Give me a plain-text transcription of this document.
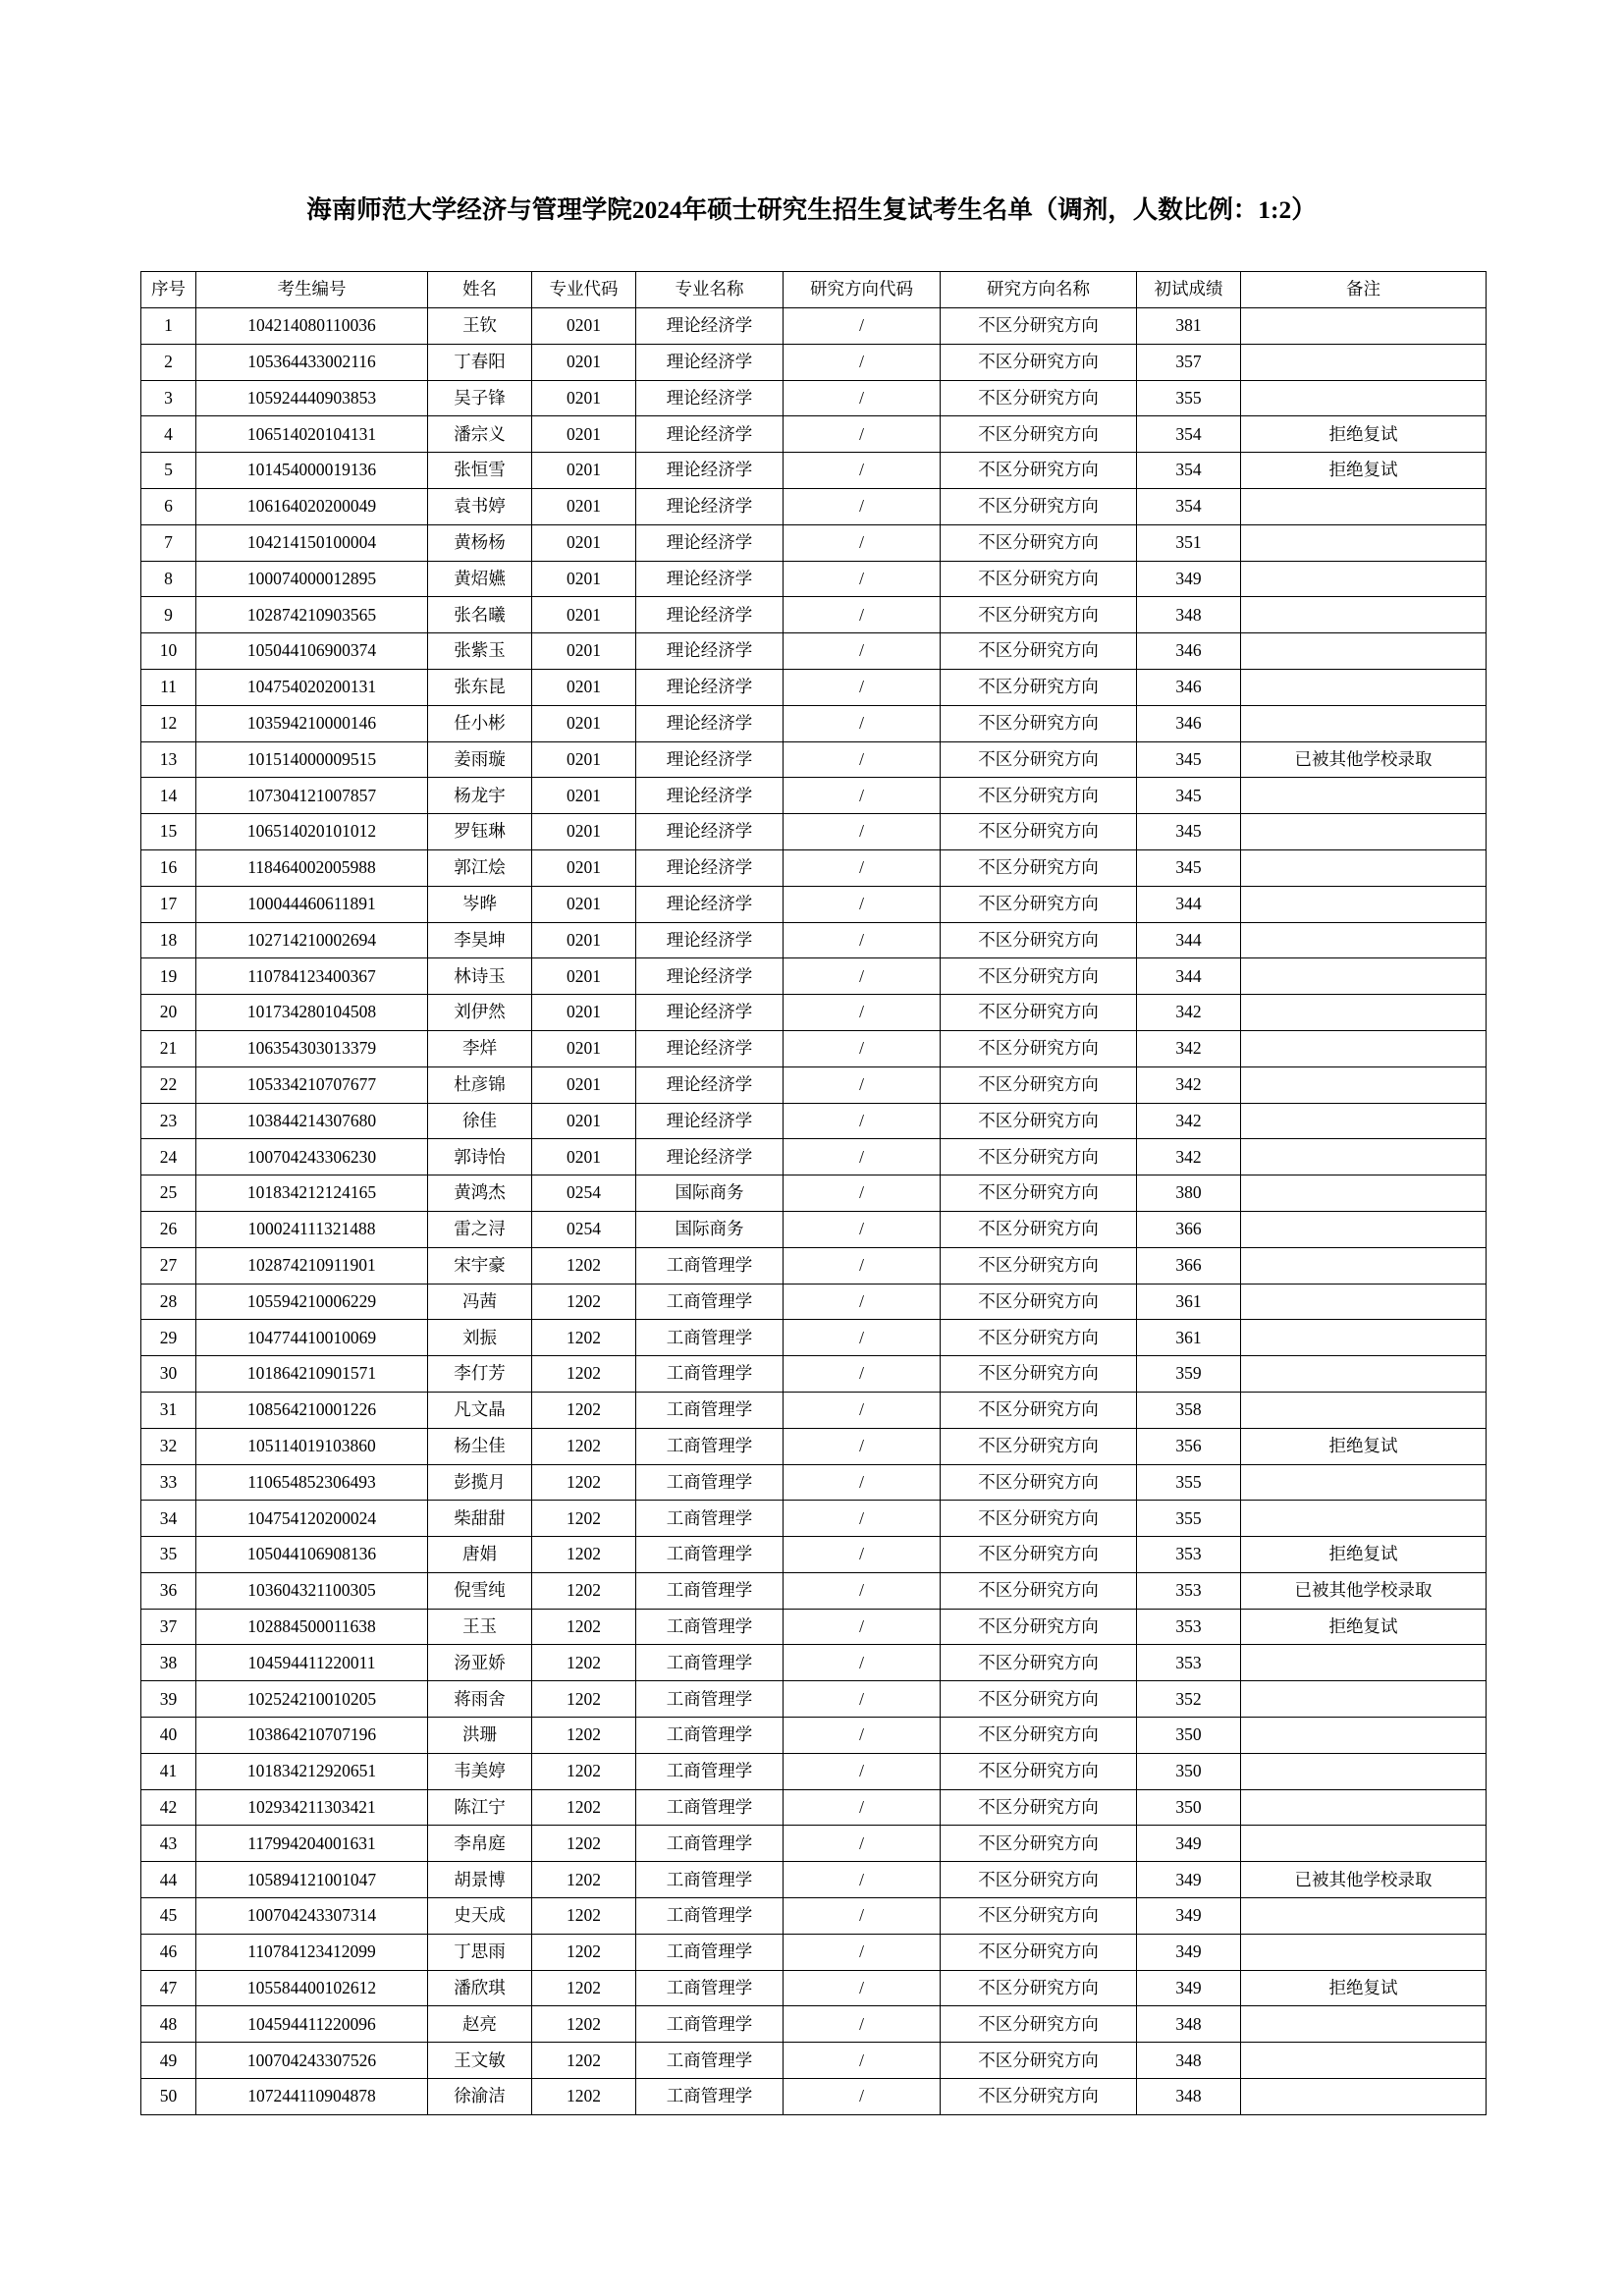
海南师范大学经济与管理学院2024年硕士研究生招生复试考生名单（调剂，人数比例：1:2）
序号	考生编号	姓名	专业代码	专业名称	研究方向代码	研究方向名称	初试成绩	备注
1	104214080110036	王钦	0201	理论经济学	/	不区分研究方向	381	
2	105364433002116	丁春阳	0201	理论经济学	/	不区分研究方向	357	
3	105924440903853	吴子锋	0201	理论经济学	/	不区分研究方向	355	
4	106514020104131	潘宗义	0201	理论经济学	/	不区分研究方向	354	拒绝复试
5	101454000019136	张恒雪	0201	理论经济学	/	不区分研究方向	354	拒绝复试
6	106164020200049	袁书婷	0201	理论经济学	/	不区分研究方向	354	
7	104214150100004	黄杨杨	0201	理论经济学	/	不区分研究方向	351	
8	100074000012895	黄炤嬿	0201	理论经济学	/	不区分研究方向	349	
9	102874210903565	张名曦	0201	理论经济学	/	不区分研究方向	348	
10	105044106900374	张紫玉	0201	理论经济学	/	不区分研究方向	346	
11	104754020200131	张东昆	0201	理论经济学	/	不区分研究方向	346	
12	103594210000146	任小彬	0201	理论经济学	/	不区分研究方向	346	
13	101514000009515	姜雨璇	0201	理论经济学	/	不区分研究方向	345	已被其他学校录取
14	107304121007857	杨龙宇	0201	理论经济学	/	不区分研究方向	345	
15	106514020101012	罗钰琳	0201	理论经济学	/	不区分研究方向	345	
16	118464002005988	郭江烩	0201	理论经济学	/	不区分研究方向	345	
17	100044460611891	岑晔	0201	理论经济学	/	不区分研究方向	344	
18	102714210002694	李昊坤	0201	理论经济学	/	不区分研究方向	344	
19	110784123400367	林诗玉	0201	理论经济学	/	不区分研究方向	344	
20	101734280104508	刘伊然	0201	理论经济学	/	不区分研究方向	342	
21	106354303013379	李烊	0201	理论经济学	/	不区分研究方向	342	
22	105334210707677	杜彦锦	0201	理论经济学	/	不区分研究方向	342	
23	103844214307680	徐佳	0201	理论经济学	/	不区分研究方向	342	
24	100704243306230	郭诗怡	0201	理论经济学	/	不区分研究方向	342	
25	101834212124165	黄鸿杰	0254	国际商务	/	不区分研究方向	380	
26	100024111321488	雷之浔	0254	国际商务	/	不区分研究方向	366	
27	102874210911901	宋宇豪	1202	工商管理学	/	不区分研究方向	366	
28	105594210006229	冯茜	1202	工商管理学	/	不区分研究方向	361	
29	104774410010069	刘振	1202	工商管理学	/	不区分研究方向	361	
30	101864210901571	李仃芳	1202	工商管理学	/	不区分研究方向	359	
31	108564210001226	凡文晶	1202	工商管理学	/	不区分研究方向	358	
32	105114019103860	杨尘佳	1202	工商管理学	/	不区分研究方向	356	拒绝复试
33	110654852306493	彭揽月	1202	工商管理学	/	不区分研究方向	355	
34	104754120200024	柴甜甜	1202	工商管理学	/	不区分研究方向	355	
35	105044106908136	唐娟	1202	工商管理学	/	不区分研究方向	353	拒绝复试
36	103604321100305	倪雪纯	1202	工商管理学	/	不区分研究方向	353	已被其他学校录取
37	102884500011638	王玉	1202	工商管理学	/	不区分研究方向	353	拒绝复试
38	104594411220011	汤亚娇	1202	工商管理学	/	不区分研究方向	353	
39	102524210010205	蒋雨舍	1202	工商管理学	/	不区分研究方向	352	
40	103864210707196	洪珊	1202	工商管理学	/	不区分研究方向	350	
41	101834212920651	韦美婷	1202	工商管理学	/	不区分研究方向	350	
42	102934211303421	陈江宁	1202	工商管理学	/	不区分研究方向	350	
43	117994204001631	李帛庭	1202	工商管理学	/	不区分研究方向	349	
44	105894121001047	胡景博	1202	工商管理学	/	不区分研究方向	349	已被其他学校录取
45	100704243307314	史天成	1202	工商管理学	/	不区分研究方向	349	
46	110784123412099	丁思雨	1202	工商管理学	/	不区分研究方向	349	
47	105584400102612	潘欣琪	1202	工商管理学	/	不区分研究方向	349	拒绝复试
48	104594411220096	赵亮	1202	工商管理学	/	不区分研究方向	348	
49	100704243307526	王文敏	1202	工商管理学	/	不区分研究方向	348	
50	107244110904878	徐渝洁	1202	工商管理学	/	不区分研究方向	348	
